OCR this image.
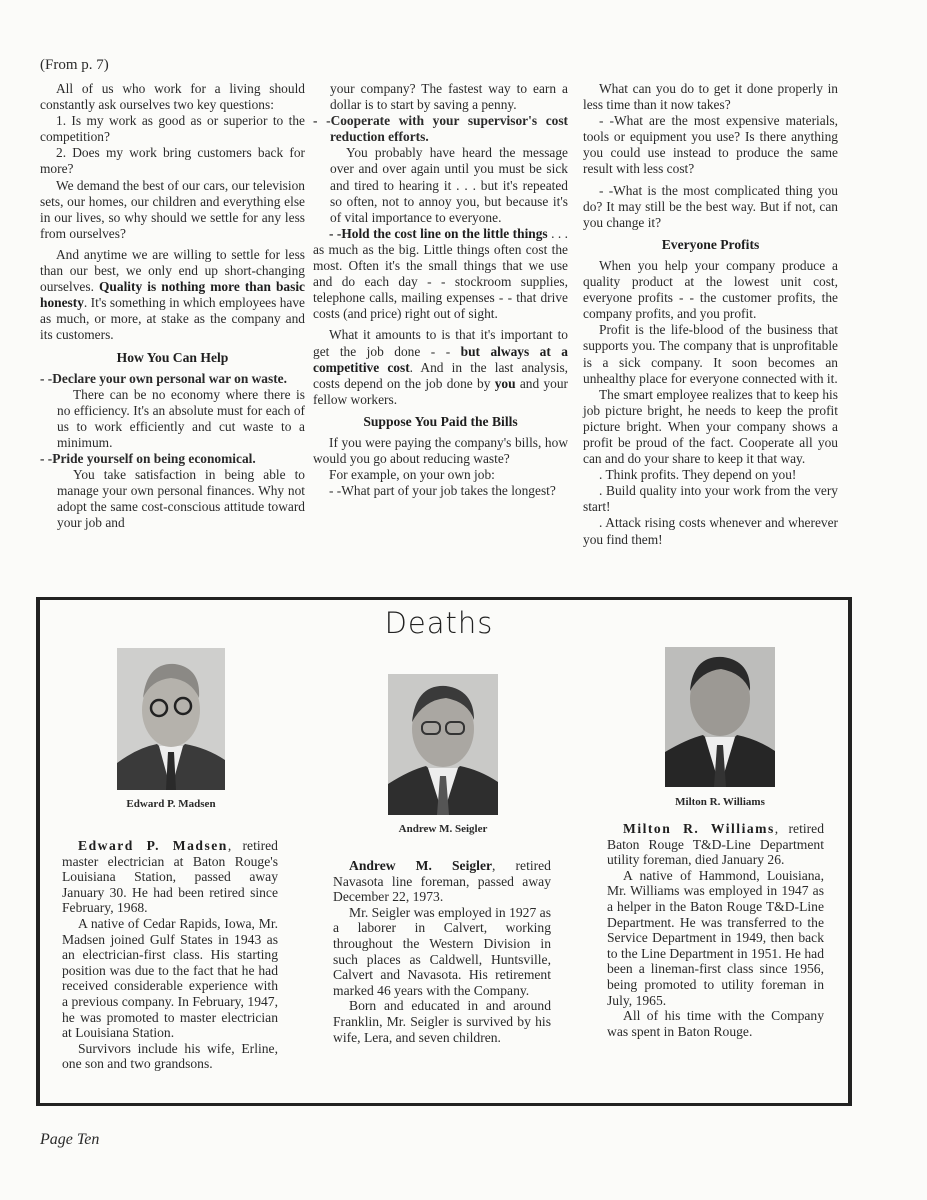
(From p. 7)

All of us who work for a living should constantly ask ourselves two key questions:

1. Is my work as good as or superior to the competition?

2. Does my work bring customers back for more?

We demand the best of our cars, our television sets, our homes, our children and everything else in our lives, so why should we settle for any less from ourselves?

And anytime we are willing to settle for less than our best, we only end up short-changing ourselves. Quality is nothing more than basic honesty. It's something in which employees have as much, or more, at stake as the company and its customers.

How You Can Help

- -Declare your own personal war on waste.

There can be no economy where there is no efficiency. It's an absolute must for each of us to work efficiently and cut waste to a minimum.

- -Pride yourself on being economical.

You take satisfaction in being able to manage your own personal finances. Why not adopt the same cost-conscious attitude toward your job and

your company? The fastest way to earn a dollar is to start by saving a penny.

- -Cooperate with your supervisor's cost reduction efforts.

You probably have heard the message over and over again until you must be sick and tired to hearing it . . . but it's repeated so often, not to annoy you, but because it's of vital importance to everyone.

- -Hold the cost line on the little things . . . as much as the big. Little things often cost the most. Often it's the small things that we use and do each day - - stockroom supplies, telephone calls, mailing expenses - - that drive costs (and price) right out of sight.

What it amounts to is that it's important to get the job done - - but always at a competitive cost. And in the last analysis, costs depend on the job done by you and your fellow workers.

Suppose You Paid the Bills

If you were paying the company's bills, how would you go about reducing waste?

For example, on your own job:

- -What part of your job takes the longest?

What can you do to get it done properly in less time than it now takes?

- -What are the most expensive materials, tools or equipment you use? Is there anything you could use instead to produce the same result with less cost?

- -What is the most complicated thing you do? It may still be the best way. But if not, can you change it?

Everyone Profits

When you help your company produce a quality product at the lowest unit cost, everyone profits - - the customer profits, the company profits, and you profit.

Profit is the life-blood of the business that supports you. The company that is unprofitable is a sick company. It soon becomes an unhealthy place for everyone connected with it.

The smart employee realizes that to keep his job picture bright, he needs to keep the profit picture bright. When your company shows a profit be proud of the fact. Cooperate all you can and do your share to keep it that way.

. Think profits. They depend on you!

. Build quality into your work from the very start!

. Attack rising costs whenever and wherever you find them!

Deaths
Edward P. Madsen
Andrew M. Seigler
Milton R. Williams

Edward P. Madsen, retired master electrician at Baton Rouge's Louisiana Station, passed away January 30. He had been retired since February, 1968.

A native of Cedar Rapids, Iowa, Mr. Madsen joined Gulf States in 1943 as an electrician-first class. His starting position was due to the fact that he had received considerable experience with a previous company. In February, 1947, he was promoted to master electrician at Louisiana Station.

Survivors include his wife, Erline, one son and two grandsons.

Andrew M. Seigler, retired Navasota line foreman, passed away December 22, 1973.

Mr. Seigler was employed in 1927 as a laborer in Calvert, working throughout the Western Division in such places as Caldwell, Huntsville, Calvert and Navasota. His retirement marked 46 years with the Company.

Born and educated in and around Franklin, Mr. Seigler is survived by his wife, Lera, and seven children.

Milton R. Williams, retired Baton Rouge T&D-Line Department utility foreman, died January 26.

A native of Hammond, Louisiana, Mr. Williams was employed in 1947 as a helper in the Baton Rouge T&D-Line Department. He was transferred to the Service Department in 1949, then back to the Line Department in 1951. He had been a lineman-first class since 1956, being promoted to utility foreman in July, 1965.

All of his time with the Company was spent in Baton Rouge.

Page Ten
